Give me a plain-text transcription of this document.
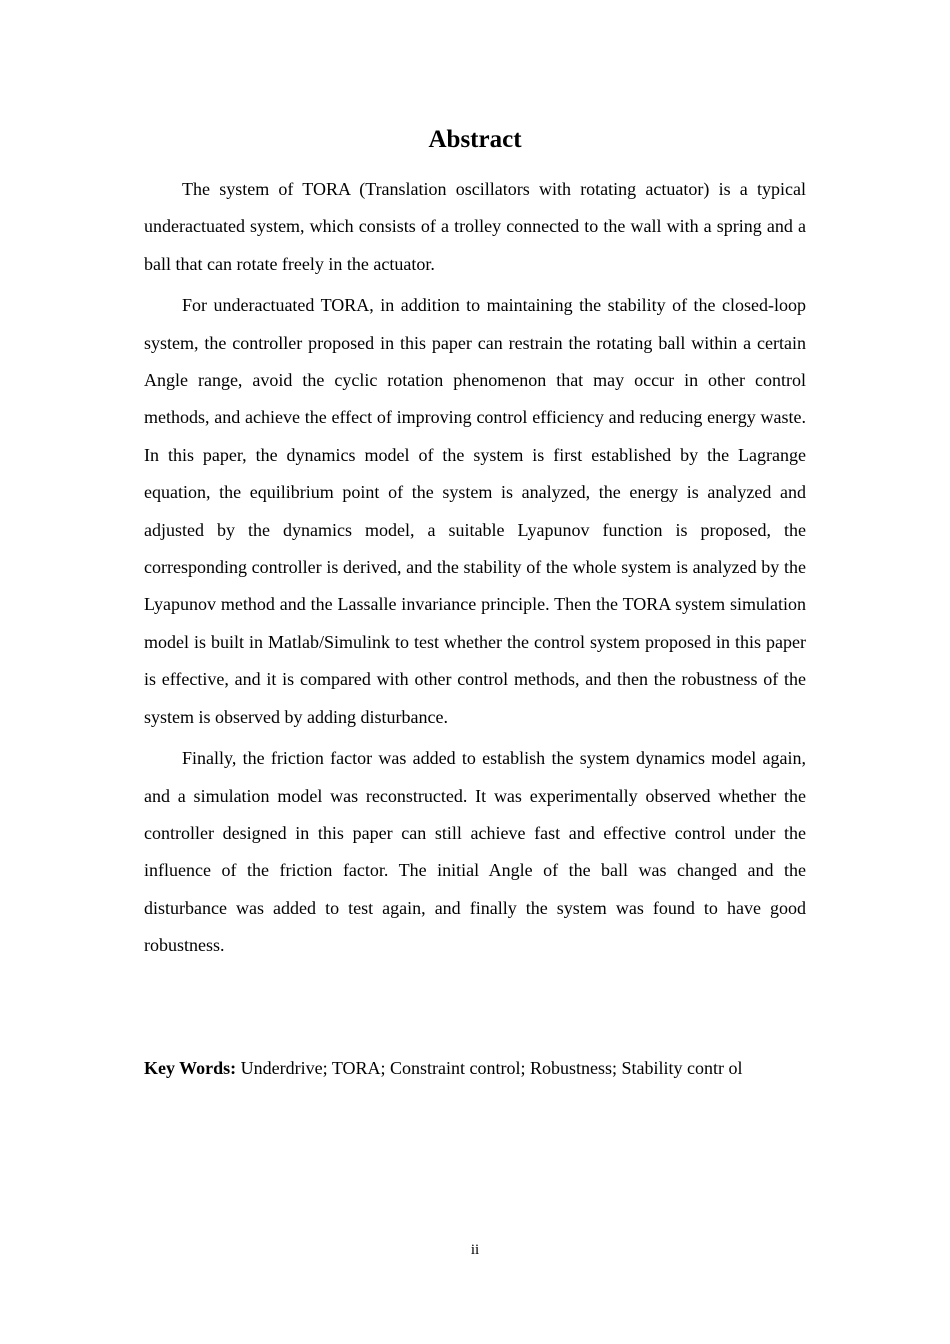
Abstract

The system of TORA (Translation oscillators with rotating actuator) is a typical underactuated system, which consists of a trolley connected to the wall with a spring and a ball that can rotate freely in the actuator.

For underactuated TORA, in addition to maintaining the stability of the closed-loop system, the controller proposed in this paper can restrain the rotating ball within a certain Angle range, avoid the cyclic rotation phenomenon that may occur in other control methods, and achieve the effect of improving control efficiency and reducing energy waste. In this paper, the dynamics model of the system is first established by the Lagrange equation, the equilibrium point of the system is analyzed, the energy is analyzed and adjusted by the dynamics model, a suitable Lyapunov function is proposed, the corresponding controller is derived, and the stability of the whole system is analyzed by the Lyapunov method and the Lassalle invariance principle. Then the TORA system simulation model is built in Matlab/Simulink to test whether the control system proposed in this paper is effective, and it is compared with other control methods, and then the robustness of the system is observed by adding disturbance.

Finally, the friction factor was added to establish the system dynamics model again, and a simulation model was reconstructed. It was experimentally observed whether the controller designed in this paper can still achieve fast and effective control under the influence of the friction factor. The initial Angle of the ball was changed and the disturbance was added to test again, and finally the system was found to have good robustness.

Key Words: Underdrive; TORA; Constraint control; Robustness; Stability contr ol

ii
